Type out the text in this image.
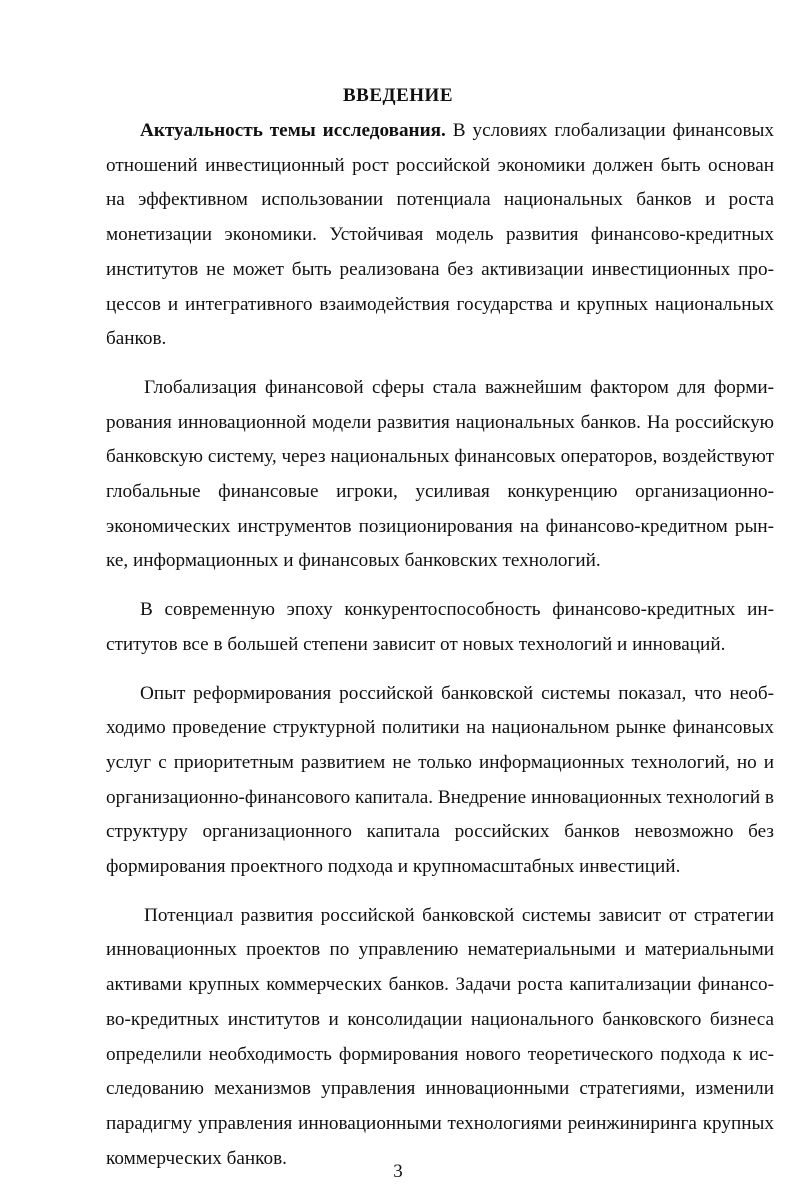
ВВЕДЕНИЕ

Актуальность темы исследования. В условиях глобализации финансовых отношений инвестиционный рост российской экономики должен быть основан на эффективном использовании потенциала национальных банков и роста монетизации экономики. Устойчивая модель развития финансово-кредитных институтов не может быть реализована без активизации инвестиционных процессов и интегративного взаимодействия государства и крупных национальных банков.

Глобализация финансовой сферы стала важнейшим фактором для формирования инновационной модели развития национальных банков. На российскую банковскую систему, через национальных финансовых операторов, воздействуют глобальные финансовые игроки, усиливая конкуренцию организационно-экономических инструментов позиционирования на финансово-кредитном рынке, информационных и финансовых банковских технологий.

В современную эпоху конкурентоспособность финансово-кредитных институтов все в большей степени зависит от новых технологий и инноваций.

Опыт реформирования российской банковской системы показал, что необходимо проведение структурной политики на национальном рынке финансовых услуг с приоритетным развитием не только информационных технологий, но и организационно-финансового капитала. Внедрение инновационных технологий в структуру организационного капитала российских банков невозможно без формирования проектного подхода и крупномасштабных инвестиций.

Потенциал развития российской банковской системы зависит от стратегии инновационных проектов по управлению нематериальными и материальными активами крупных коммерческих банков. Задачи роста капитализации финансово-кредитных институтов и консолидации национального банковского бизнеса определили необходимость формирования нового теоретического подхода к исследованию механизмов управления инновационными стратегиями, изменили парадигму управления инновационными технологиями реинжиниринга крупных коммерческих банков.

3
